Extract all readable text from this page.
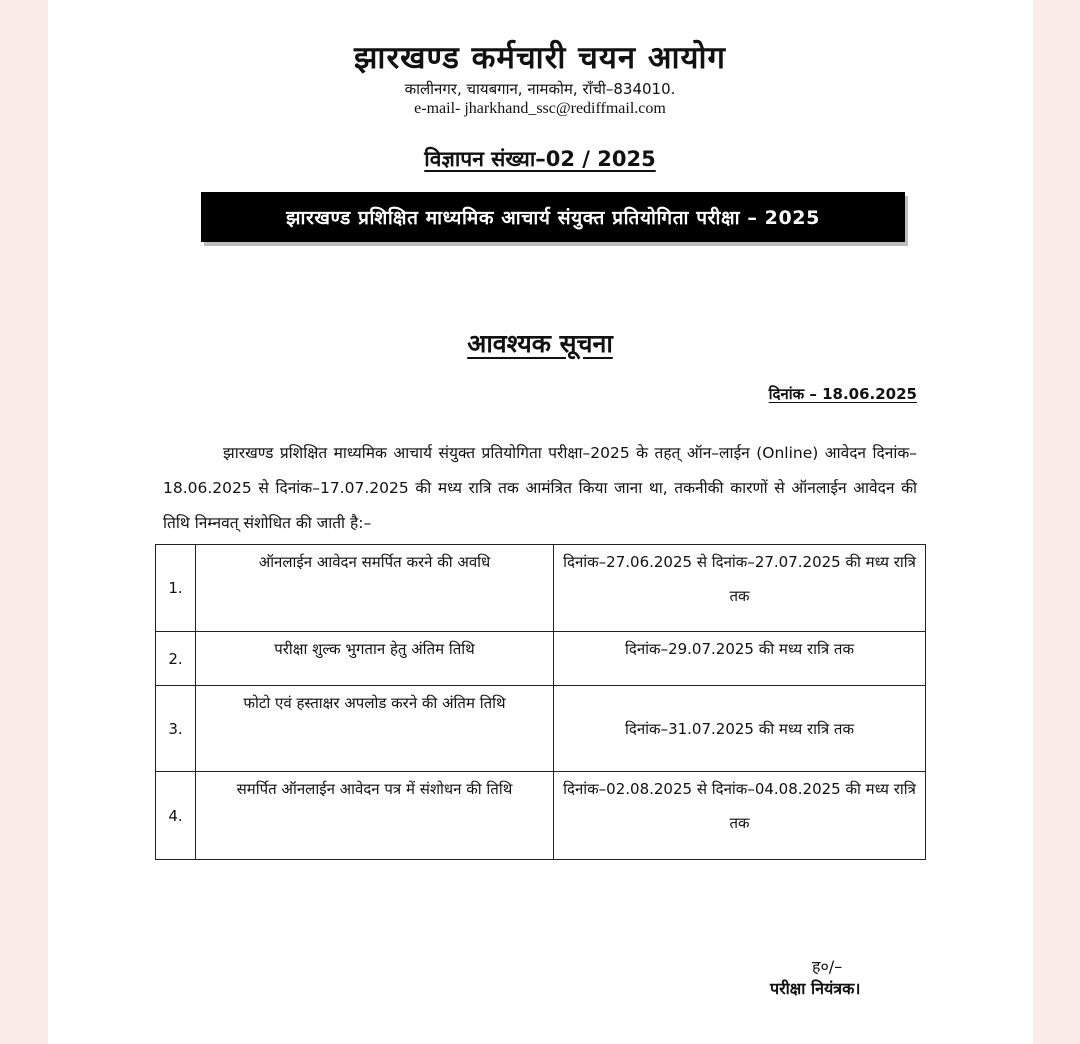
झारखण्ड कर्मचारी चयन आयोग
कालीनगर, चायबगान, नामकोम, राँची–834010.
e-mail- jharkhand_ssc@rediffmail.com
विज्ञापन संख्या–02 / 2025
झारखण्ड प्रशिक्षित माध्यमिक आचार्य संयुक्त प्रतियोगिता परीक्षा – 2025
आवश्यक सूचना
दिनांक – 18.06.2025
झारखण्ड प्रशिक्षित माध्यमिक आचार्य संयुक्त प्रतियोगिता परीक्षा–2025 के तहत् ऑन–लाईन (Online) आवेदन दिनांक–18.06.2025 से दिनांक–17.07.2025 की मध्य रात्रि तक आमंत्रित किया जाना था, तकनीकी कारणों से ऑनलाईन आवेदन की तिथि निम्नवत् संशोधित की जाती है:–
1.	ऑनलाईन आवेदन समर्पित करने की अवधि	दिनांक–27.06.2025 से दिनांक–27.07.2025 की मध्य रात्रि तक
2.	परीक्षा शुल्क भुगतान हेतु अंतिम तिथि	दिनांक–29.07.2025 की मध्य रात्रि तक
3.	फोटो एवं हस्ताक्षर अपलोड करने की अंतिम तिथि	दिनांक–31.07.2025 की मध्य रात्रि तक
4.	समर्पित ऑनलाईन आवेदन पत्र में संशोधन की तिथि	दिनांक–02.08.2025 से दिनांक–04.08.2025 की मध्य रात्रि तक
ह०/–
परीक्षा नियंत्रक।
